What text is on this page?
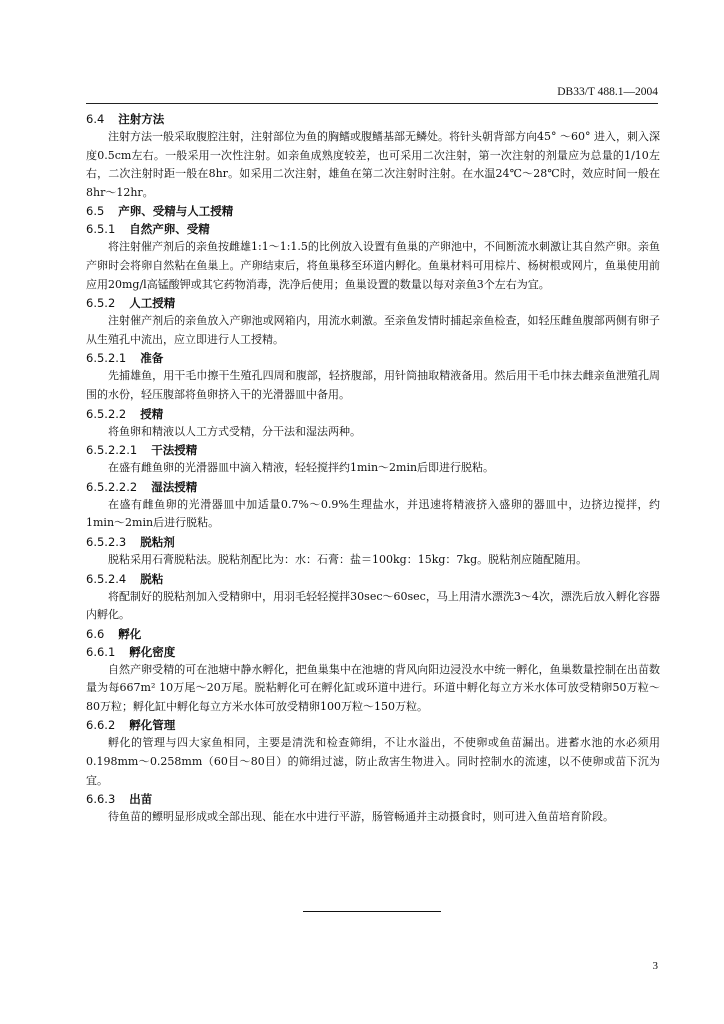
DB33/T 488.1—2004
6.4 注射方法

注射方法一般采取腹腔注射，注射部位为鱼的胸鳍或腹鳍基部无鳞处。将针头朝背部方向45° ～60° 进入，刺入深度0.5cm左右。一般采用一次性注射。如亲鱼成熟度较差，也可采用二次注射，第一次注射的剂量应为总量的1/10左右，二次注射时距一般在8hr。如采用二次注射，雄鱼在第二次注射时注射。在水温24℃～28℃时，效应时间一般在8hr～12hr。

6.5 产卵、受精与人工授精
6.5.1 自然产卵、受精

将注射催产剂后的亲鱼按雌雄1:1～1:1.5的比例放入设置有鱼巢的产卵池中，不间断流水刺激让其自然产卵。亲鱼产卵时会将卵自然粘在鱼巢上。产卵结束后，将鱼巢移至环道内孵化。鱼巢材料可用棕片、杨树根或网片，鱼巢使用前应用20mg/l高锰酸钾或其它药物消毒，洗净后使用；鱼巢设置的数量以每对亲鱼3个左右为宜。

6.5.2 人工授精

注射催产剂后的亲鱼放入产卵池或网箱内，用流水刺激。至亲鱼发情时捕起亲鱼检查，如轻压雌鱼腹部两侧有卵子从生殖孔中流出，应立即进行人工授精。

6.5.2.1 准备

先捕雄鱼，用干毛巾擦干生殖孔四周和腹部，轻挤腹部，用针筒抽取精液备用。然后用干毛巾抹去雌亲鱼泄殖孔周围的水份，轻压腹部将鱼卵挤入干的光滑器皿中备用。

6.5.2.2 授精

将鱼卵和精液以人工方式受精，分干法和湿法两种。

6.5.2.2.1 干法授精

在盛有雌鱼卵的光滑器皿中滴入精液，轻轻搅拌约1min～2min后即进行脱粘。

6.5.2.2.2 湿法授精

在盛有雌鱼卵的光滑器皿中加适量0.7%～0.9%生理盐水，并迅速将精液挤入盛卵的器皿中，边挤边搅拌，约 1min～2min后进行脱粘。

6.5.2.3 脱粘剂

脱粘采用石膏脱粘法。脱粘剂配比为：水：石膏：盐＝100kg：15kg：7kg。脱粘剂应随配随用。

6.5.2.4 脱粘

将配制好的脱粘剂加入受精卵中，用羽毛轻轻搅拌30sec～60sec，马上用清水漂洗3～4次，漂洗后放入孵化容器内孵化。

6.6 孵化
6.6.1 孵化密度

自然产卵受精的可在池塘中静水孵化，把鱼巢集中在池塘的背风向阳边浸没水中统一孵化，鱼巢数量控制在出苗数量为每667m² 10万尾～20万尾。脱粘孵化可在孵化缸或环道中进行。环道中孵化每立方米水体可放受精卵50万粒～80万粒；孵化缸中孵化每立方米水体可放受精卵100万粒～150万粒。

6.6.2 孵化管理

孵化的管理与四大家鱼相同，主要是清洗和检查筛绢，不让水溢出，不使卵或鱼苗漏出。进蓄水池的水必须用0.198mm～0.258mm（60目～80目）的筛绢过滤，防止敌害生物进入。同时控制水的流速，以不使卵或苗下沉为宜。

6.6.3 出苗

待鱼苗的鳔明显形成或全部出现、能在水中进行平游，肠管畅通并主动摄食时，则可进入鱼苗培育阶段。

3
